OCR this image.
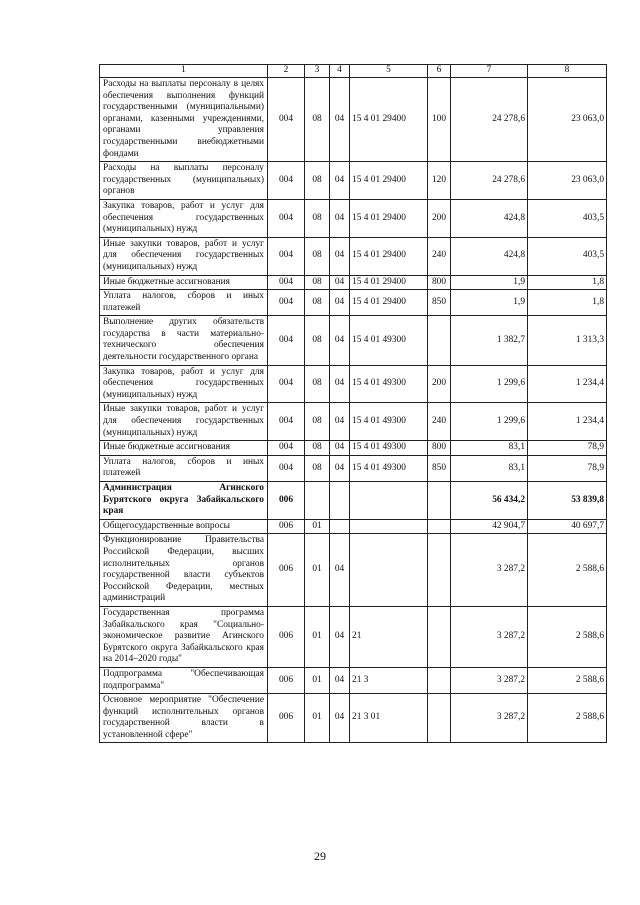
1	2	3	4	5	6	7	8
Расходы на выплаты персоналу в целях обеспечения выполнения функций государственными (муниципальными) органами, казенными учреждениями, органами управления государственными внебюджетными фондами	004	08	04	15 4 01 29400	100	24 278,6	23 063,0
Расходы на выплаты персоналу государственных (муниципальных) органов	004	08	04	15 4 01 29400	120	24 278,6	23 063,0
Закупка товаров, работ и услуг для обеспечения государственных (муниципальных) нужд	004	08	04	15 4 01 29400	200	424,8	403,5
Иные закупки товаров, работ и услуг для обеспечения государственных (муниципальных) нужд	004	08	04	15 4 01 29400	240	424,8	403,5
Иные бюджетные ассигнования	004	08	04	15 4 01 29400	800	1,9	1,8
Уплата налогов, сборов и иных платежей	004	08	04	15 4 01 29400	850	1,9	1,8
Выполнение других обязательств государства в части материально-технического обеспечения деятельности государственного органа	004	08	04	15 4 01 49300		1 382,7	1 313,3
Закупка товаров, работ и услуг для обеспечения государственных (муниципальных) нужд	004	08	04	15 4 01 49300	200	1 299,6	1 234,4
Иные закупки товаров, работ и услуг для обеспечения государственных (муниципальных) нужд	004	08	04	15 4 01 49300	240	1 299,6	1 234,4
Иные бюджетные ассигнования	004	08	04	15 4 01 49300	800	83,1	78,9
Уплата налогов, сборов и иных платежей	004	08	04	15 4 01 49300	850	83,1	78,9
Администрация Агинского Бурятского округа Забайкальского края	006					56 434,2	53 839,8
Общегосударственные вопросы	006	01				42 904,7	40 697,7
Функционирование Правительства Российской Федерации, высших исполнительных органов государственной власти субъектов Российской Федерации, местных администраций	006	01	04			3 287,2	2 588,6
Государственная программа Забайкальского края "Социально-экономическое развитие Агинского Бурятского округа Забайкальского края на 2014–2020 годы"	006	01	04	21		3 287,2	2 588,6
Подпрограмма "Обеспечивающая подпрограмма"	006	01	04	21 3		3 287,2	2 588,6
Основное мероприятие "Обеспечение функций исполнительных органов государственной власти в установленной сфере"	006	01	04	21 3 01		3 287,2	2 588,6
29
